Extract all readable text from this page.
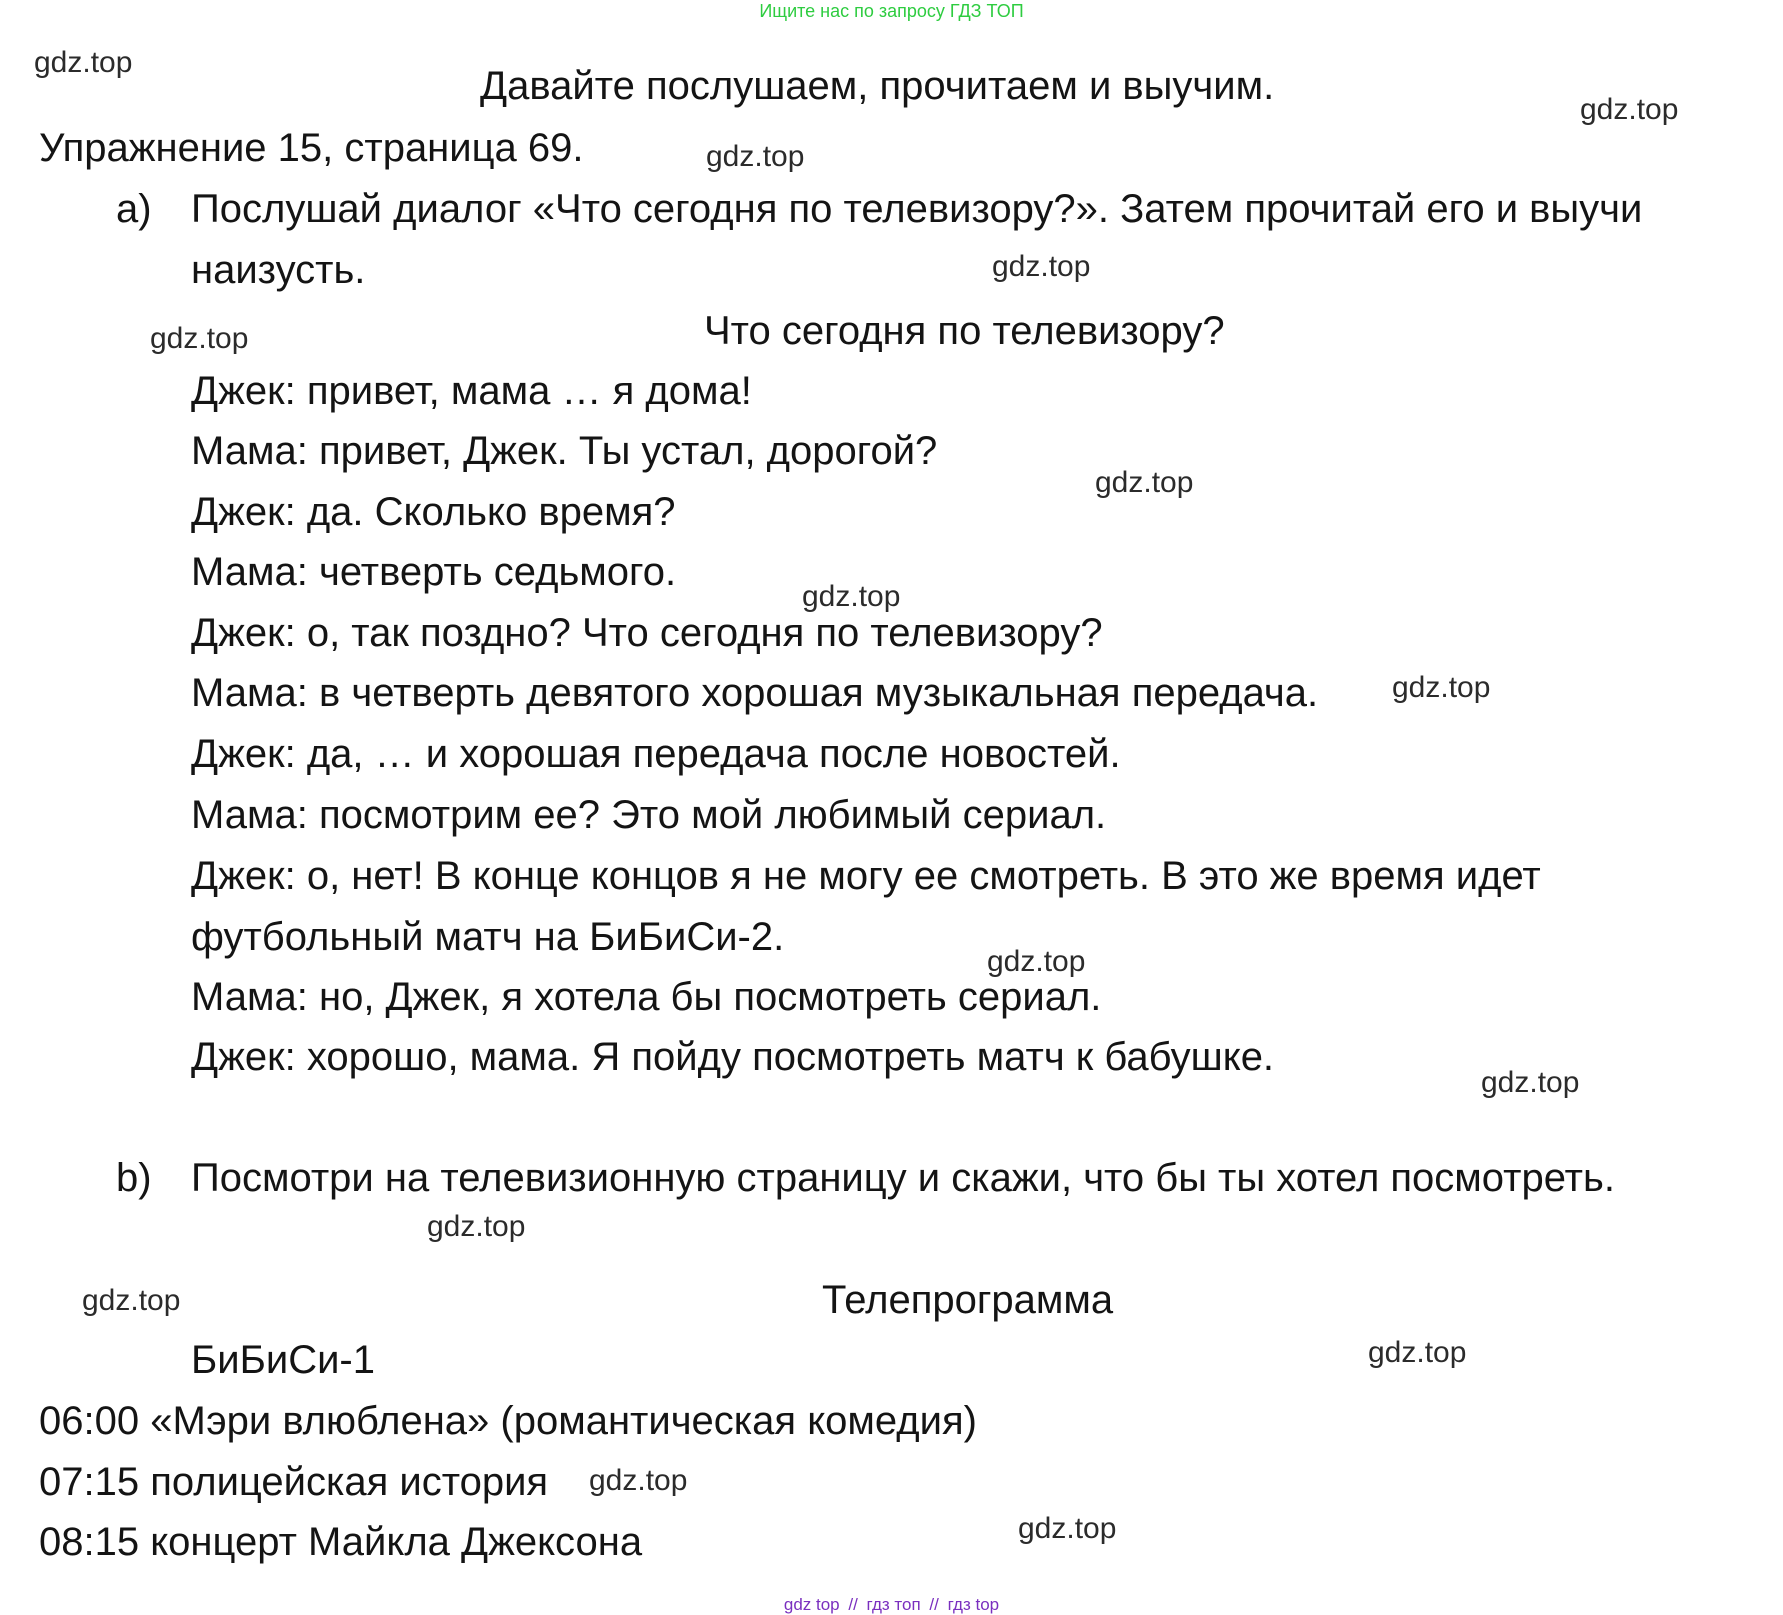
Ищите нас по запросу ГДЗ ТОП
gdz.top
gdz.top
gdz.top
gdz.top
gdz.top
gdz.top
gdz.top
gdz.top
gdz.top
gdz.top
gdz.top
gdz.top
gdz.top
gdz.top
gdz.top
Давайте послушаем, прочитаем и выучим.
Упражнение 15, страница 69.
a) Послушай диалог «Что сегодня по телевизору?». Затем прочитай его и выучи
наизусть.
Что сегодня по телевизору?
Джек: привет, мама … я дома!
Мама: привет, Джек. Ты устал, дорогой?
Джек: да. Сколько время?
Мама: четверть седьмого.
Джек: о, так поздно? Что сегодня по телевизору?
Мама: в четверть девятого хорошая музыкальная передача.
Джек: да, … и хорошая передача после новостей.
Мама: посмотрим ее? Это мой любимый сериал.
Джек: о, нет! В конце концов я не могу ее смотреть. В это же время идет
футбольный матч на БиБиСи-2.
Мама: но, Джек, я хотела бы посмотреть сериал.
Джек: хорошо, мама. Я пойду посмотреть матч к бабушке.
b) Посмотри на телевизионную страницу и скажи, что бы ты хотел посмотреть.
Телепрограмма
БиБиСи-1
06:00 «Мэри влюблена» (романтическая комедия)
07:15 полицейская история
08:15 концерт Майкла Джексона
gdz top // гдз топ // гдз top
